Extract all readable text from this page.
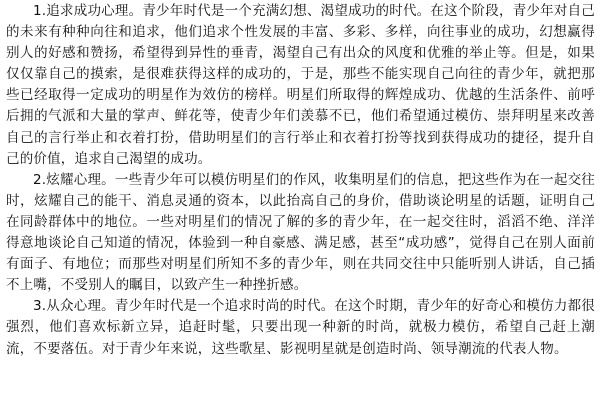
1.追求成功心理。青少年时代是一个充满幻想、渴望成功的时代。在这个阶段，青少年对自己的未来有种种向往和追求，他们追求个性发展的丰富、多彩、多样，向往事业的成功，幻想赢得别人的好感和赞扬，希望得到异性的垂青，渴望自己有出众的风度和优雅的举止等。但是，如果仅仅靠自己的摸索，是很难获得这样的成功的，于是，那些不能实现自己向往的青少年，就把那些已经取得一定成功的明星作为效仿的榜样。明星们所取得的辉煌成功、优越的生活条件、前呼后拥的气派和大量的掌声、鲜花等，使青少年们羡慕不已，他们希望通过模仿、崇拜明星来改善自己的言行举止和衣着打扮，借助明星们的言行举止和衣着打扮等找到获得成功的捷径，提升自己的价值，追求自己渴望的成功。

2.炫耀心理。一些青少年可以模仿明星们的作风，收集明星们的信息，把这些作为在一起交往时，炫耀自己的能干、消息灵通的资本，以此抬高自己的身价，借助谈论明星的话题，证明自己在同龄群体中的地位。一些对明星们的情况了解的多的青少年，在一起交往时，滔滔不绝、洋洋得意地谈论自己知道的情况，体验到一种自豪感、满足感，甚至“成功感”，觉得自己在别人面前有面子、有地位；而那些对明星们所知不多的青少年，则在共同交往中只能听别人讲话，自己插不上嘴，不受别人的瞩目，以致产生一种挫折感。

3.从众心理。青少年时代是一个追求时尚的时代。在这个时期，青少年的好奇心和模仿力都很强烈，他们喜欢标新立异，追赶时髦，只要出现一种新的时尚，就极力模仿，希望自己赶上潮流，不要落伍。对于青少年来说，这些歌星、影视明星就是创造时尚、领导潮流的代表人物。
